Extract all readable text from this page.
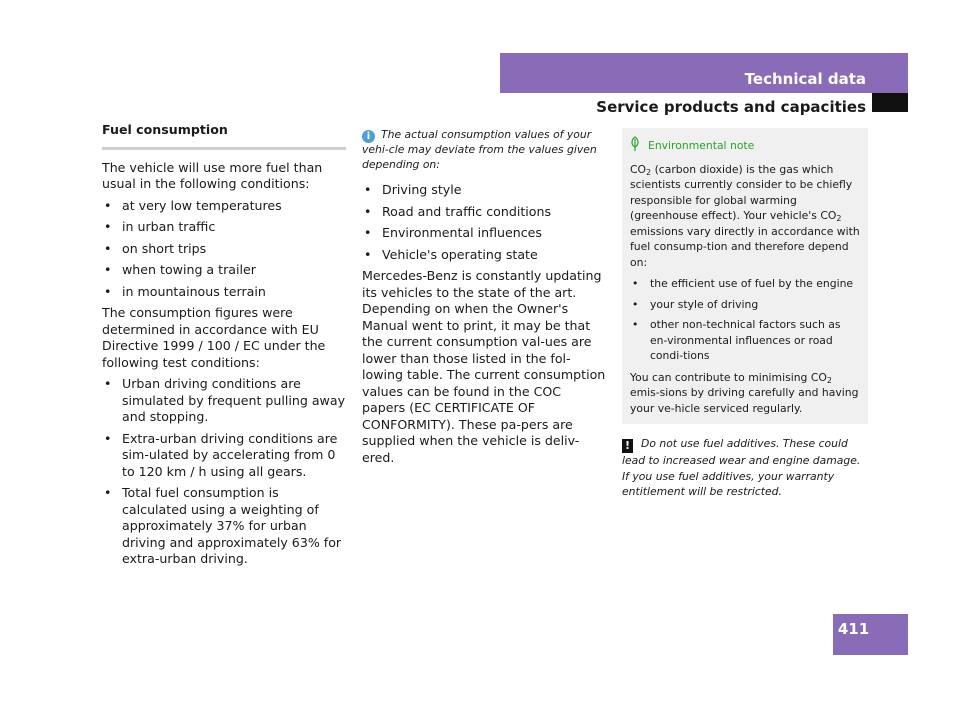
Technical data
Service products and capacities
Fuel consumption

The vehicle will use more fuel than usual in the following conditions:

• at very low temperatures
• in urban traffic
• on short trips
• when towing a trailer
• in mountainous terrain

The consumption figures were determined in accordance with EU Directive 1999 / 100 / EC under the following test conditions:

• Urban driving conditions are simulated by frequent pulling away and stopping.
• Extra-urban driving conditions are sim-ulated by accelerating from 0 to 120 km / h using all gears.
• Total fuel consumption is calculated using a weighting of approximately 37% for urban driving and approximately 63% for extra-urban driving.
i The actual consumption values of your vehi-cle may deviate from the values given depending on:
• Driving style
• Road and traffic conditions
• Environmental influences
• Vehicle's operating state

Mercedes-Benz is constantly updating its vehicles to the state of the art. Depending on when the Owner's Manual went to print, it may be that the current consumption val-ues are lower than those listed in the fol-lowing table. The current consumption values can be found in the COC papers (EC CERTIFICATE OF CONFORMITY). These pa-pers are supplied when the vehicle is deliv-ered.

Environmental note

$CO_2$ (carbon dioxide) is the gas which scientists currently consider to be chiefly responsible for global warming (greenhouse effect). Your vehicle's $CO_2$ emissions vary directly in accordance with fuel consump-tion and therefore depend on:

• the efficient use of fuel by the engine
• your style of driving
• other non-technical factors such as en-vironmental influences or road condi-tions

You can contribute to minimising $CO_2$ emis-sions by driving carefully and having your ve-hicle serviced regularly.

! Do not use fuel additives. These could lead to increased wear and engine damage. If you use fuel additives, your warranty entitlement will be restricted.
411
